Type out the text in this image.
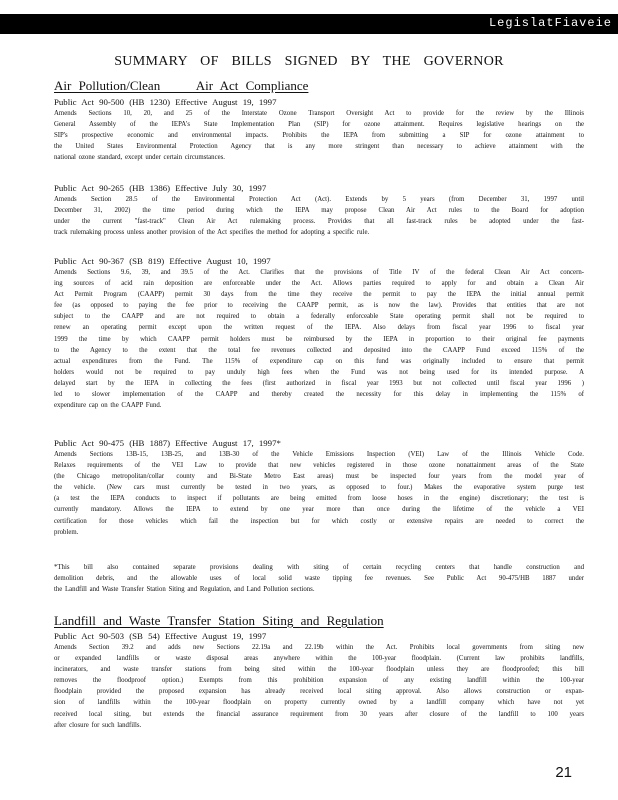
LegislatFiaveie
SUMMARY OF BILLS SIGNED BY THE GOVERNOR
Air Pollution/Clean     Air Act Compliance
Public Act 90-500 (HB 1230) Effective August 19, 1997
Amends Sections 10, 20, and 25 of the Interstate Ozone Transport Oversight Act to provide for the review by the Illinois
General Assembly of the IEPA's State Implementation Plan (SIP) for ozone attainment. Requires legislative hearings on the
SIP's prospective economic and environmental impacts. Prohibits the IEPA from submitting a SIP for ozone attainment to
the United States Environmental Protection Agency that is any more stringent than necessary to achieve attainment with the
national ozone standard, except under certain circumstances.
Public Act 90-265 (HB 1386) Effective July 30, 1997
Amends Section 28.5 of the Environmental Protection Act (Act). Extends by 5 years (from December 31, 1997 until
December 31, 2002) the time period during which the IEPA may propose Clean Air Act rules to the Board for adoption
under the current "fast-track" Clean Air Act rulemaking process. Provides that all fast-track rules be adopted under the fast-
track rulemaking process unless another provision of the Act specifies the method for adopting a specific rule.
Public Act 90-367 (SB 819) Effective August 10, 1997
Amends Sections 9.6, 39, and 39.5 of the Act. Clarifies that the provisions of Title IV of the federal Clean Air Act concern-
ing sources of acid rain deposition are enforceable under the Act. Allows parties required to apply for and obtain a Clean Air
Act Permit Program (CAAPP) permit 30 days from the time they receive the permit to pay the IEPA the initial annual permit
fee (as opposed to paying the fee prior to receiving the CAAPP permit, as is now the law). Provides that entities that are not
subject to the CAAPP and are not required to obtain a federally enforceable State operating permit shall not be required to
renew an operating permit except upon the written request of the IEPA. Also delays from fiscal year 1996 to fiscal year
1999 the time by which CAAPP permit holders must be reimbursed by the IEPA in proportion to their original fee payments
to the Agency to the extent that the total fee revenues collected and deposited into the CAAPP Fund exceed 115% of the
actual expenditures from the Fund. The 115% of expenditure cap on this fund was originally included to ensure that permit
holders would not be required to pay unduly high fees when the Fund was not being used for its intended purpose. A
delayed start by the IEPA in collecting the fees (first authorized in fiscal year 1993 but not collected until fiscal year 1996 )
led to slower implementation of the CAAPP and thereby created the necessity for this delay in implementing the 115% of
expenditure cap on the CAAPP Fund.
Public Act 90-475 (HB 1887) Effective August 17, 1997*
Amends Sections 13B-15, 13B-25, and 13B-30 of the Vehicle Emissions Inspection (VEI) Law of the Illinois Vehicle Code.
Relaxes requirements of the VEI Law to provide that new vehicles registered in those ozone nonattainment areas of the State
(the Chicago metropolitan/collar county and Bi-State Metro East areas) must be inspected four years from the model year of
the vehicle. (New cars must currently be tested in two years, as opposed to four.) Makes the evaporative system purge test
(a test the IEPA conducts to inspect if pollutants are being emitted from loose hoses in the engine) discretionary; the test is
currently mandatory. Allows the IEPA to extend by one year more than once during the lifetime of the vehicle a VEI
certification for those vehicles which fail the inspection but for which costly or extensive repairs are needed to correct the
problem.
*This bill also contained separate provisions dealing with siting of certain recycling centers that handle construction and
demolition debris, and the allowable uses of local solid waste tipping fee revenues. See Public Act 90-475/HB 1887 under
the Landfill and Waste Transfer Station Siting and Regulation, and Land Pollution sections.
Landfill and Waste Transfer Station Siting and Regulation
Public Act 90-503 (SB 54) Effective August 19, 1997
Amends Section 39.2 and adds new Sections 22.19a and 22.19b within the Act. Prohibits local governments from siting new
or expanded landfills or waste disposal areas anywhere within the 100-year floodplain. (Current law prohibits landfills,
incinerators, and waste transfer stations from being sited within the 100-year floodplain unless they are floodproofed; this bill
removes the floodproof option.) Exempts from this prohibition expansion of any existing landfill within the 100-year
floodplain provided the proposed expansion has already received local siting approval. Also allows construction or expan-
sion of landfills within the 100-year floodplain on property currently owned by a landfill company which have not yet
received local siting, but extends the financial assurance requirement from 30 years after closure of the landfill to 100 years
after closure for such landfills.
21
